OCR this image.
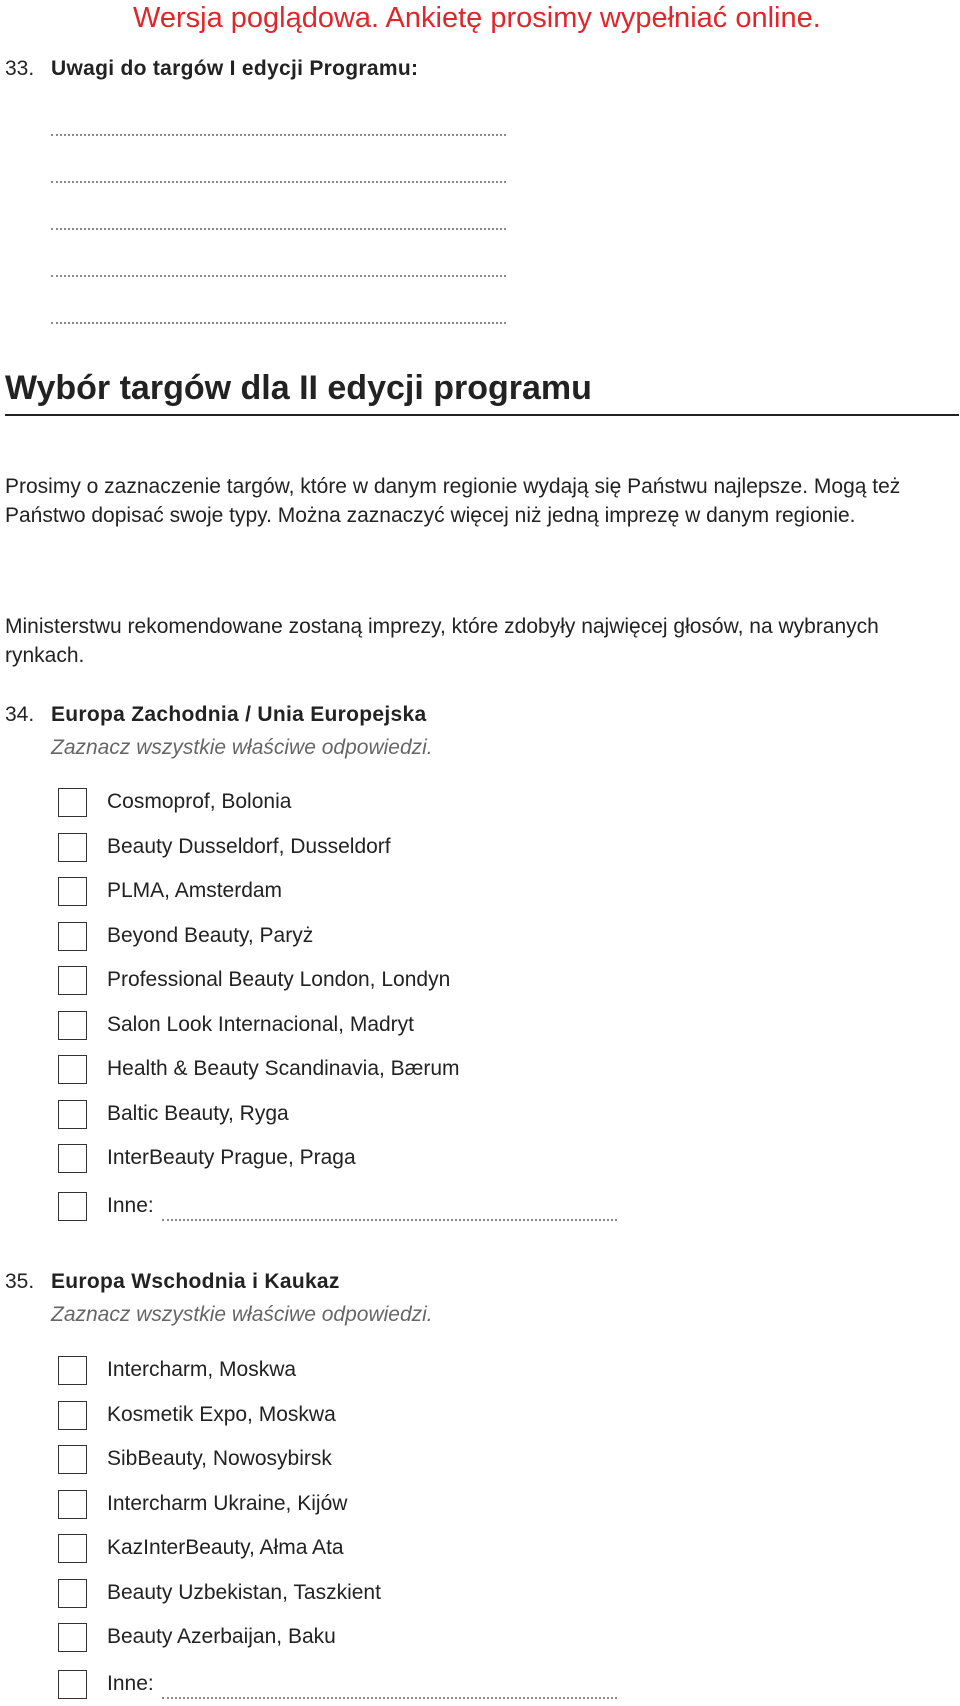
Wersja poglądowa. Ankietę prosimy wypełniać online.
33. Uwagi do targów I edycji Programu:
Wybór targów dla II edycji programu
Prosimy o zaznaczenie targów, które w danym regionie wydają się Państwu najlepsze. Mogą też Państwo dopisać swoje typy. Można zaznaczyć więcej niż jedną imprezę w danym regionie.
Ministerstwu rekomendowane zostaną imprezy, które zdobyły najwięcej głosów, na wybranych rynkach.
34. Europa Zachodnia / Unia Europejska
Zaznacz wszystkie właściwe odpowiedzi.
Cosmoprof, Bolonia
Beauty Dusseldorf, Dusseldorf
PLMA, Amsterdam
Beyond Beauty, Paryż
Professional Beauty London, Londyn
Salon Look Internacional, Madryt
Health & Beauty Scandinavia, Bærum
Baltic Beauty, Ryga
InterBeauty Prague, Praga
Inne:
35. Europa Wschodnia i Kaukaz
Zaznacz wszystkie właściwe odpowiedzi.
Intercharm, Moskwa
Kosmetik Expo, Moskwa
SibBeauty, Nowosybirsk
Intercharm Ukraine, Kijów
KazInterBeauty, Ałma Ata
Beauty Uzbekistan, Taszkient
Beauty Azerbaijan, Baku
Inne:
